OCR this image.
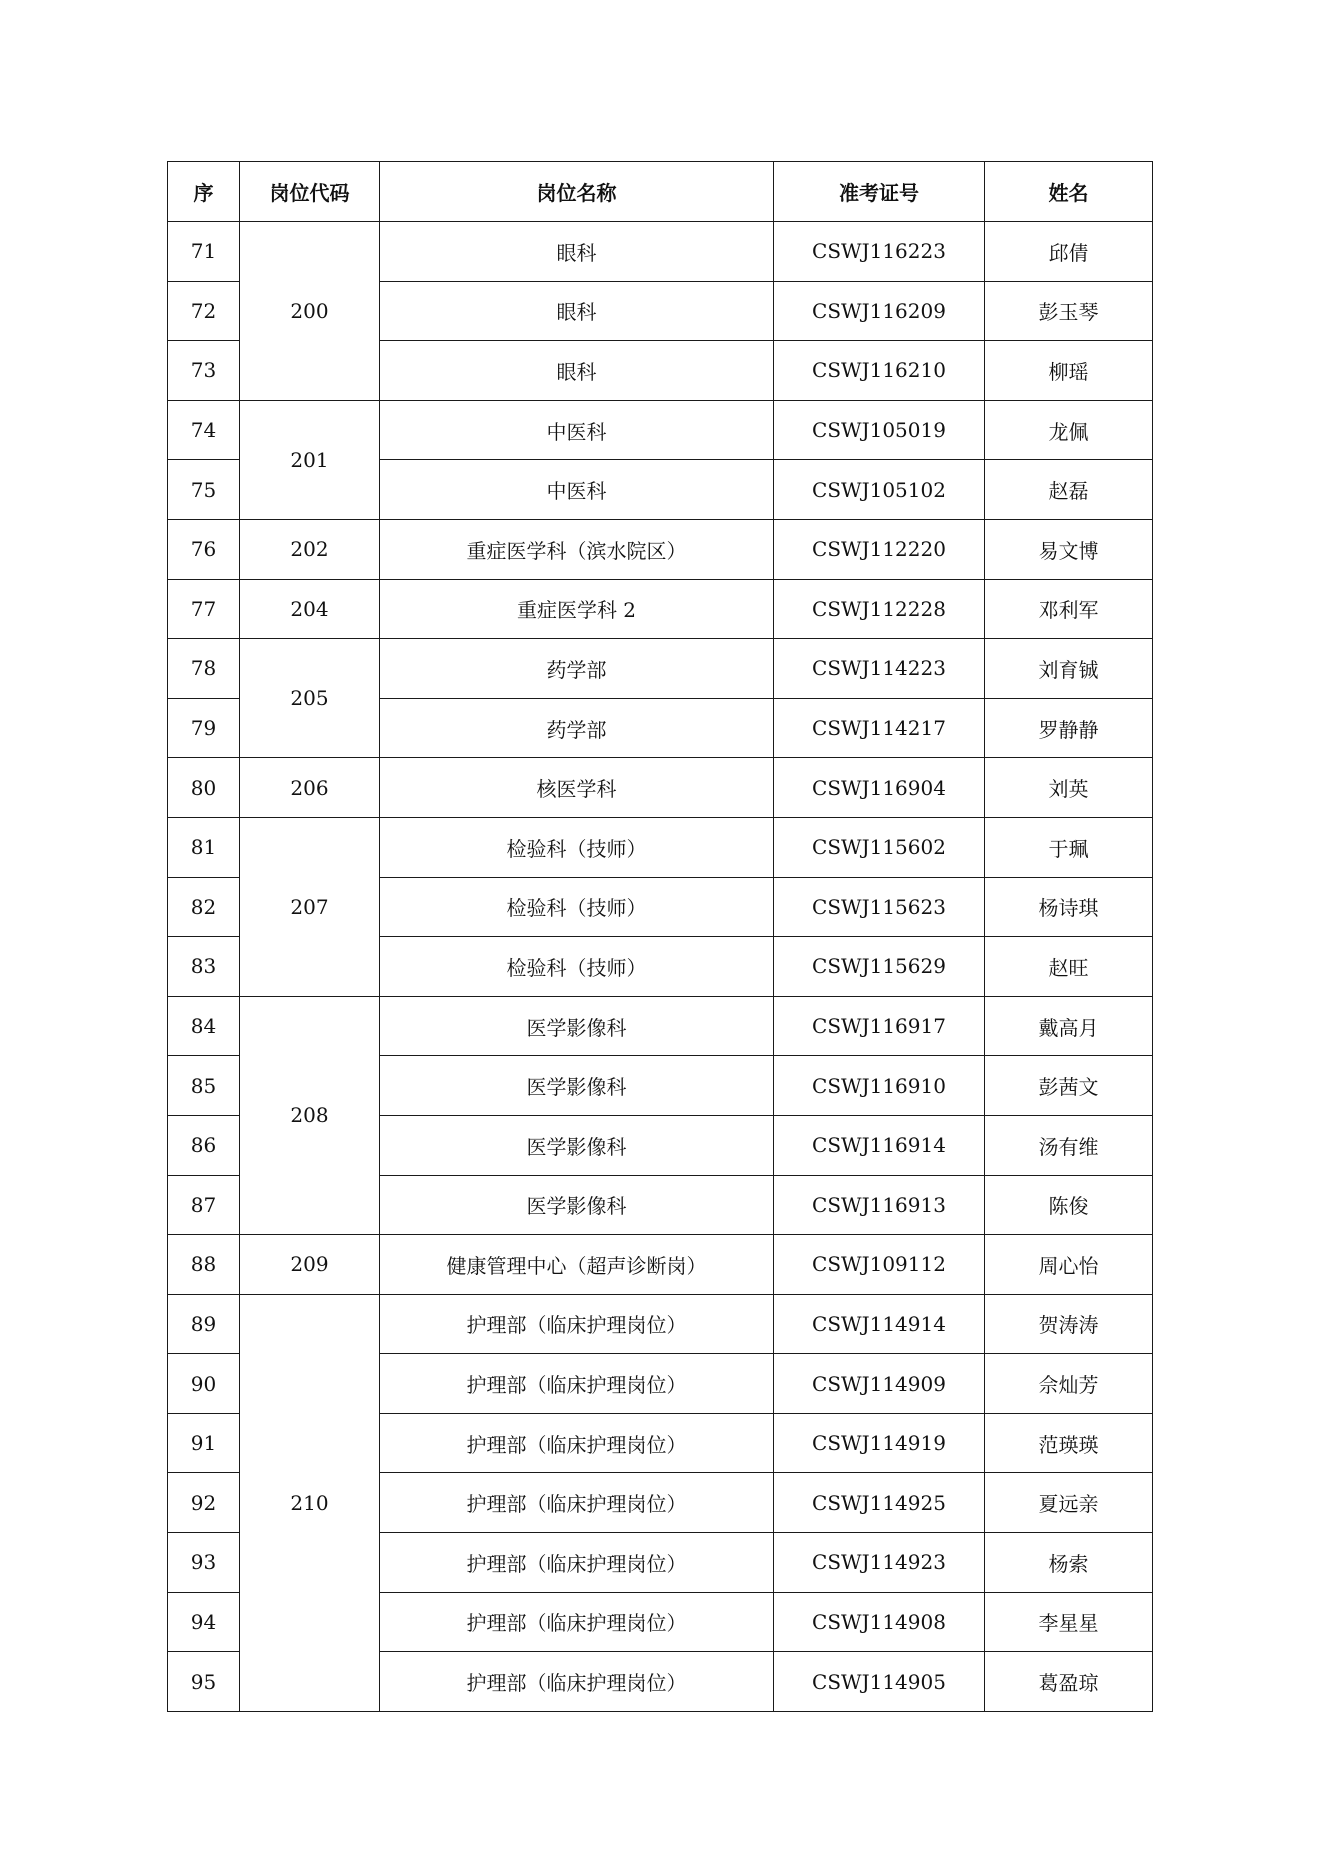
序	岗位代码	岗位名称	准考证号	姓名
71	200	眼科	CSWJ116223	邱倩
72		眼科	CSWJ116209	彭玉琴
73		眼科	CSWJ116210	柳瑶
74	201	中医科	CSWJ105019	龙佩
75		中医科	CSWJ105102	赵磊
76	202	重症医学科（滨水院区）	CSWJ112220	易文博
77	204	重症医学科 2	CSWJ112228	邓利军
78	205	药学部	CSWJ114223	刘育铖
79		药学部	CSWJ114217	罗静静
80	206	核医学科	CSWJ116904	刘英
81	207	检验科（技师）	CSWJ115602	于珮
82		检验科（技师）	CSWJ115623	杨诗琪
83		检验科（技师）	CSWJ115629	赵旺
84	208	医学影像科	CSWJ116917	戴高月
85		医学影像科	CSWJ116910	彭茜文
86		医学影像科	CSWJ116914	汤有维
87		医学影像科	CSWJ116913	陈俊
88	209	健康管理中心（超声诊断岗）	CSWJ109112	周心怡
89	210	护理部（临床护理岗位）	CSWJ114914	贺涛涛
90		护理部（临床护理岗位）	CSWJ114909	佘灿芳
91		护理部（临床护理岗位）	CSWJ114919	范瑛瑛
92		护理部（临床护理岗位）	CSWJ114925	夏远亲
93		护理部（临床护理岗位）	CSWJ114923	杨索
94		护理部（临床护理岗位）	CSWJ114908	李星星
95		护理部（临床护理岗位）	CSWJ114905	葛盈琼
